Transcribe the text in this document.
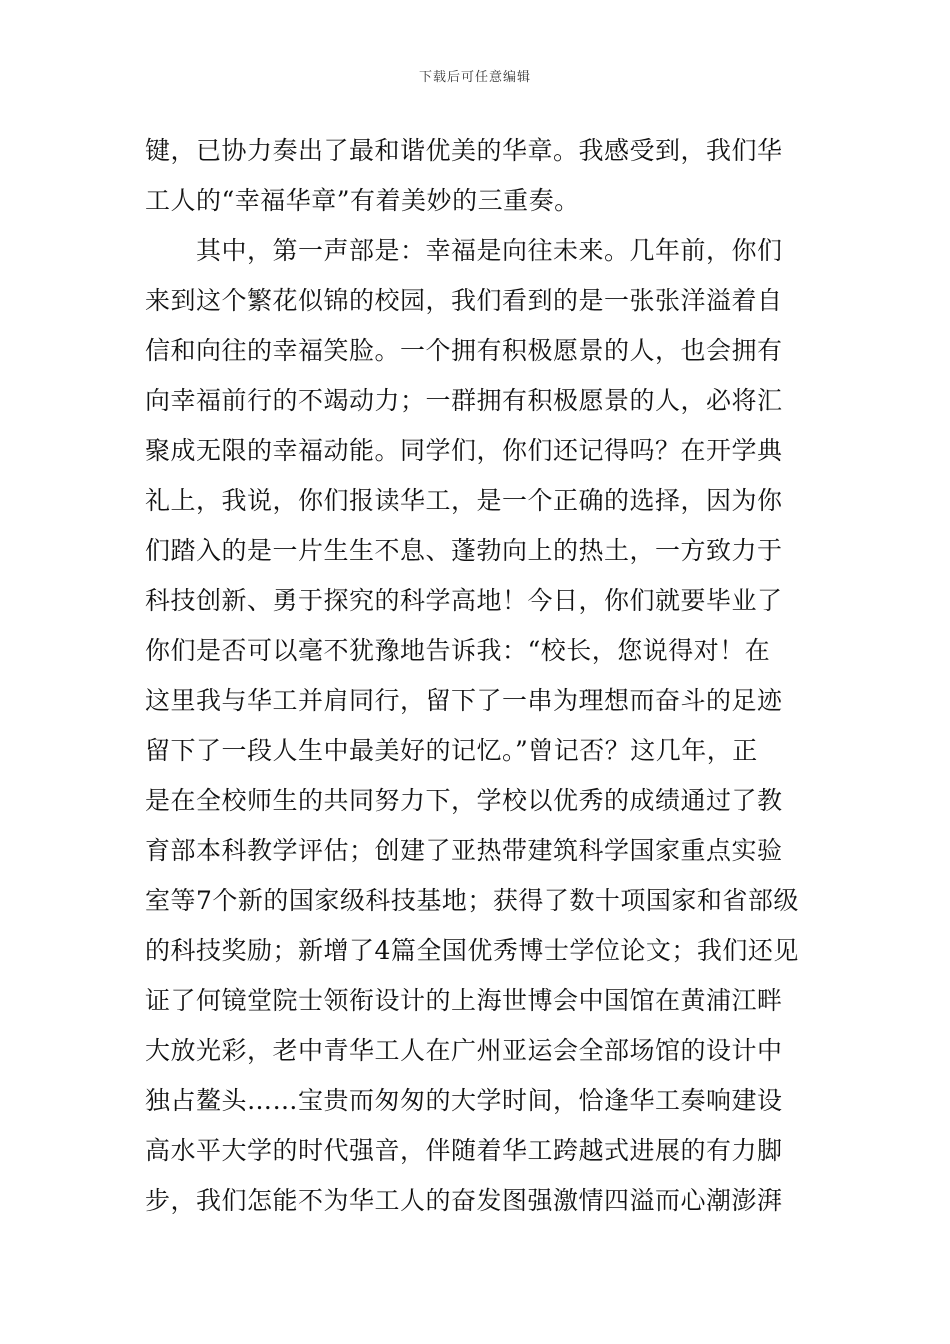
下载后可任意编辑
键，已协力奏出了最和谐优美的华章。我感受到，我们华
工人的“幸福华章”有着美妙的三重奏。
　　其中，第一声部是：幸福是向往未来。几年前，你们
来到这个繁花似锦的校园，我们看到的是一张张洋溢着自
信和向往的幸福笑脸。一个拥有积极愿景的人，也会拥有
向幸福前行的不竭动力；一群拥有积极愿景的人，必将汇
聚成无限的幸福动能。同学们，你们还记得吗？在开学典
礼上，我说，你们报读华工，是一个正确的选择，因为你
们踏入的是一片生生不息、蓬勃向上的热土，一方致力于
科技创新、勇于探究的科学高地！今日，你们就要毕业了
你们是否可以毫不犹豫地告诉我：“校长，您说得对！在
这里我与华工并肩同行，留下了一串为理想而奋斗的足迹
留下了一段人生中最美好的记忆。”曾记否？这几年，正
是在全校师生的共同努力下，学校以优秀的成绩通过了教
育部本科教学评估；创建了亚热带建筑科学国家重点实验
室等7个新的国家级科技基地；获得了数十项国家和省部级
的科技奖励；新增了4篇全国优秀博士学位论文；我们还见
证了何镜堂院士领衔设计的上海世博会中国馆在黄浦江畔
大放光彩，老中青华工人在广州亚运会全部场馆的设计中
独占鳌头……宝贵而匆匆的大学时间，恰逢华工奏响建设
高水平大学的时代强音，伴随着华工跨越式进展的有力脚
步，我们怎能不为华工人的奋发图强激情四溢而心潮澎湃
